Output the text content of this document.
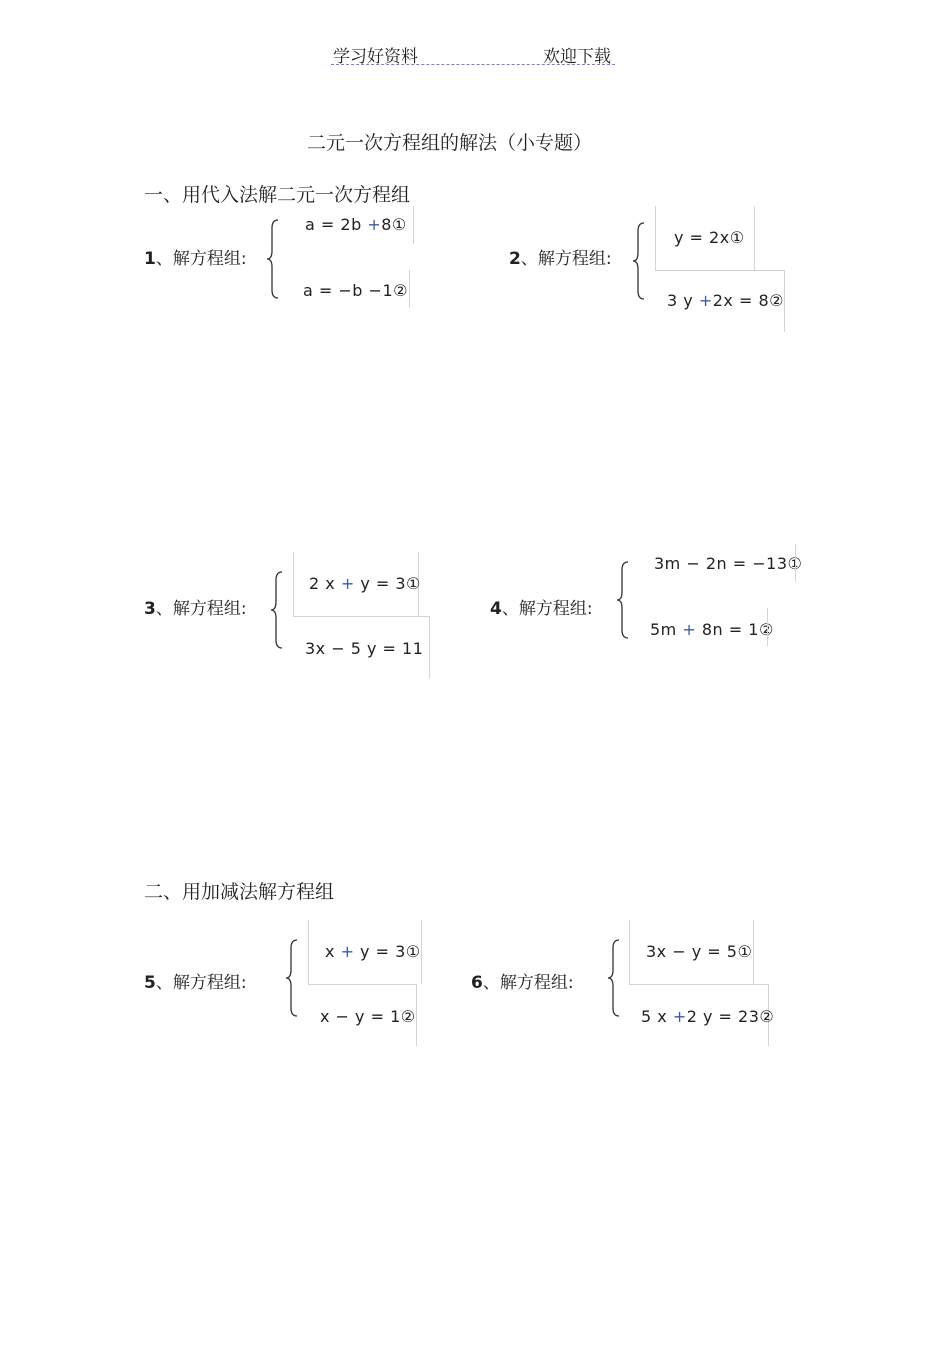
学习好资料	欢迎下载
二元一次方程组的解法（小专题）
一、用代入法解二元一次方程组
1、解方程组:
a = 2b +8①
a = −b −1②
2、解方程组:
y = 2x①
3 y +2x = 8②
3、解方程组:
2 x + y = 3①
3x − 5 y = 11
4、解方程组:
3m − 2n = −13①
5m + 8n = 1②
二、用加减法解方程组
5、解方程组:
x + y = 3①
x − y = 1②
6、解方程组:
3x − y = 5①
5 x +2 y = 23②
